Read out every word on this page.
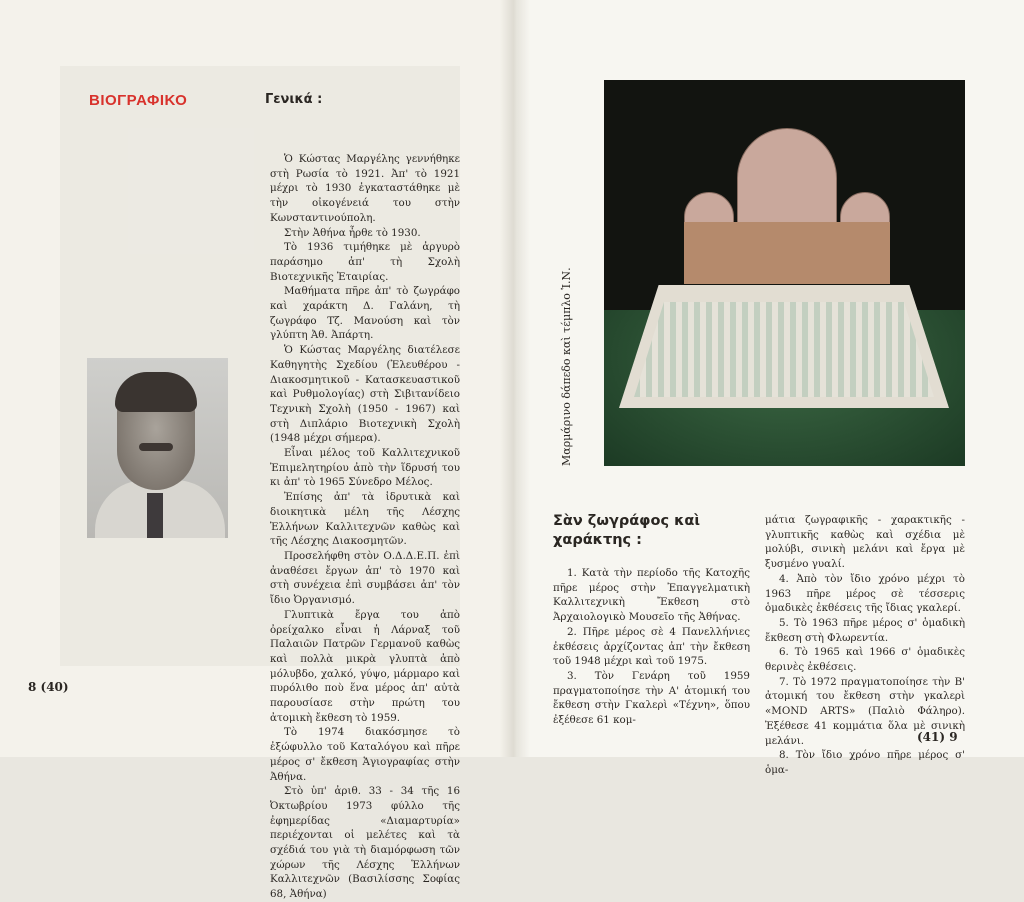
ΒΙΟΓΡΑΦΙΚΟ	Γενικά :

Ὁ Κώστας Μαργέλης γεννήθηκε στὴ Ρωσία τὸ 1921. Ἀπ' τὸ 1921 μέχρι τὸ 1930 ἐγκαταστάθηκε μὲ τὴν οἰκογένειά του στὴν Κωνσταντινούπολη.

Στὴν Ἀθήνα ἦρθε τὸ 1930.

Τὸ 1936 τιμήθηκε μὲ ἀργυρὸ παράσημο ἀπ' τὴ Σχολὴ Βιοτεχνικῆς Ἑταιρίας.

Μαθήματα πῆρε ἀπ' τὸ ζωγράφο καὶ χαράκτη Δ. Γαλάνη, τὴ ζωγράφο Τζ. Μανούση καὶ τὸν γλύπτη Ἀθ. Ἀπάρτη.

Ὁ Κώστας Μαργέλης διατέλεσε Καθηγητὴς Σχεδίου (Ἐλευθέρου - Διακοσμητικοῦ - Κατασκευαστικοῦ καὶ Ρυθμολογίας) στὴ Σιβιτανίδειο Τεχνικὴ Σχολὴ (1950 - 1967) καὶ στὴ Διπλάριο Βιοτεχνικὴ Σχολὴ (1948 μέχρι σήμερα).

Εἶναι μέλος τοῦ Καλλιτεχνικοῦ Ἐπιμελητηρίου ἀπὸ τὴν ἵδρυσή του κι ἀπ' τὸ 1965 Σύνεδρο Μέλος.

Ἐπίσης ἀπ' τὰ ἱδρυτικὰ καὶ διοικητικὰ μέλη τῆς Λέσχης Ἑλλήνων Καλλιτεχνῶν καθὼς καὶ τῆς Λέσχης Διακοσμητῶν.

Προσελήφθη στὸν Ο.Δ.Δ.Ε.Π. ἐπὶ ἀναθέσει ἔργων ἀπ' τὸ 1970 καὶ στὴ συνέχεια ἐπὶ συμβάσει ἀπ' τὸν ἴδιο Ὀργανισμό.

Γλυπτικὰ ἔργα του ἀπὸ ὀρείχαλκο εἶναι ἡ Λάρναξ τοῦ Παλαιῶν Πατρῶν Γερμανοῦ καθὼς καὶ πολλὰ μικρὰ γλυπτὰ ἀπὸ μόλυβδο, χαλκό, γύψο, μάρμαρο καὶ πυρόλιθο ποὺ ἕνα μέρος ἀπ' αὐτὰ παρουσίασε στὴν πρώτη του ἀτομικὴ ἔκθεση τὸ 1959.

Τὸ 1974 διακόσμησε τὸ ἐξώφυλλο τοῦ Καταλόγου καὶ πῆρε μέρος σ' ἔκθεση Ἁγιογραφίας στὴν Ἀθήνα.

Στὸ ὑπ' ἀριθ. 33 - 34 τῆς 16 Ὀκτωβρίου 1973 φύλλο τῆς ἐφημερίδας «Διαμαρτυρία» περιέχονται οἱ μελέτες καὶ τὰ σχέδιά του γιὰ τὴ διαμόρφωση τῶν χώρων τῆς Λέσχης Ἑλλήνων Καλλιτεχνῶν (Βασιλίσσης Σοφίας 68, Ἀθήνα)

8 (40)
Μαρμάρινο δάπεδο καὶ τέμπλο Ἱ.Ν.
Σὰν ζωγράφος καὶ χαράκτης :

1. Κατὰ τὴν περίοδο τῆς Κατοχῆς πῆρε μέρος στὴν Ἐπαγγελματικὴ Καλλιτεχνικὴ Ἔκθεση στὸ Ἀρχαιολογικὸ Μουσεῖο τῆς Ἀθήνας.

2. Πῆρε μέρος σὲ 4 Πανελλήνιες ἐκθέσεις ἀρχίζοντας ἀπ' τὴν ἔκθεση τοῦ 1948 μέχρι καὶ τοῦ 1975.

3. Τὸν Γενάρη τοῦ 1959 πραγματοποίησε τὴν Α' ἀτομική του ἔκθεση στὴν Γκαλερὶ «Τέχνη», ὅπου ἐξέθεσε 61 κομ-

μάτια ζωγραφικῆς - χαρακτικῆς - γλυπτικῆς καθὼς καὶ σχέδια μὲ μολύβι, σινικὴ μελάνι καὶ ἔργα μὲ ξυσμένο γυαλί.

4. Ἀπὸ τὸν ἴδιο χρόνο μέχρι τὸ 1963 πῆρε μέρος σὲ τέσσερις ὁμαδικὲς ἐκθέσεις τῆς ἴδιας γκαλερί.

5. Τὸ 1963 πῆρε μέρος σ' ὁμαδικὴ ἔκθεση στὴ Φλωρεντία.

6. Τὸ 1965 καὶ 1966 σ' ὁμαδικὲς θερινὲς ἐκθέσεις.

7. Τὸ 1972 πραγματοποίησε τὴν Β' ἀτομική του ἔκθεση στὴν γκαλερὶ «MOND ARTS» (Παλιὸ Φάληρο). Ἐξέθεσε 41 κομμάτια ὅλα μὲ σινικὴ μελάνι.

8. Τὸν ἴδιο χρόνο πῆρε μέρος σ' ὁμα-

(41) 9
